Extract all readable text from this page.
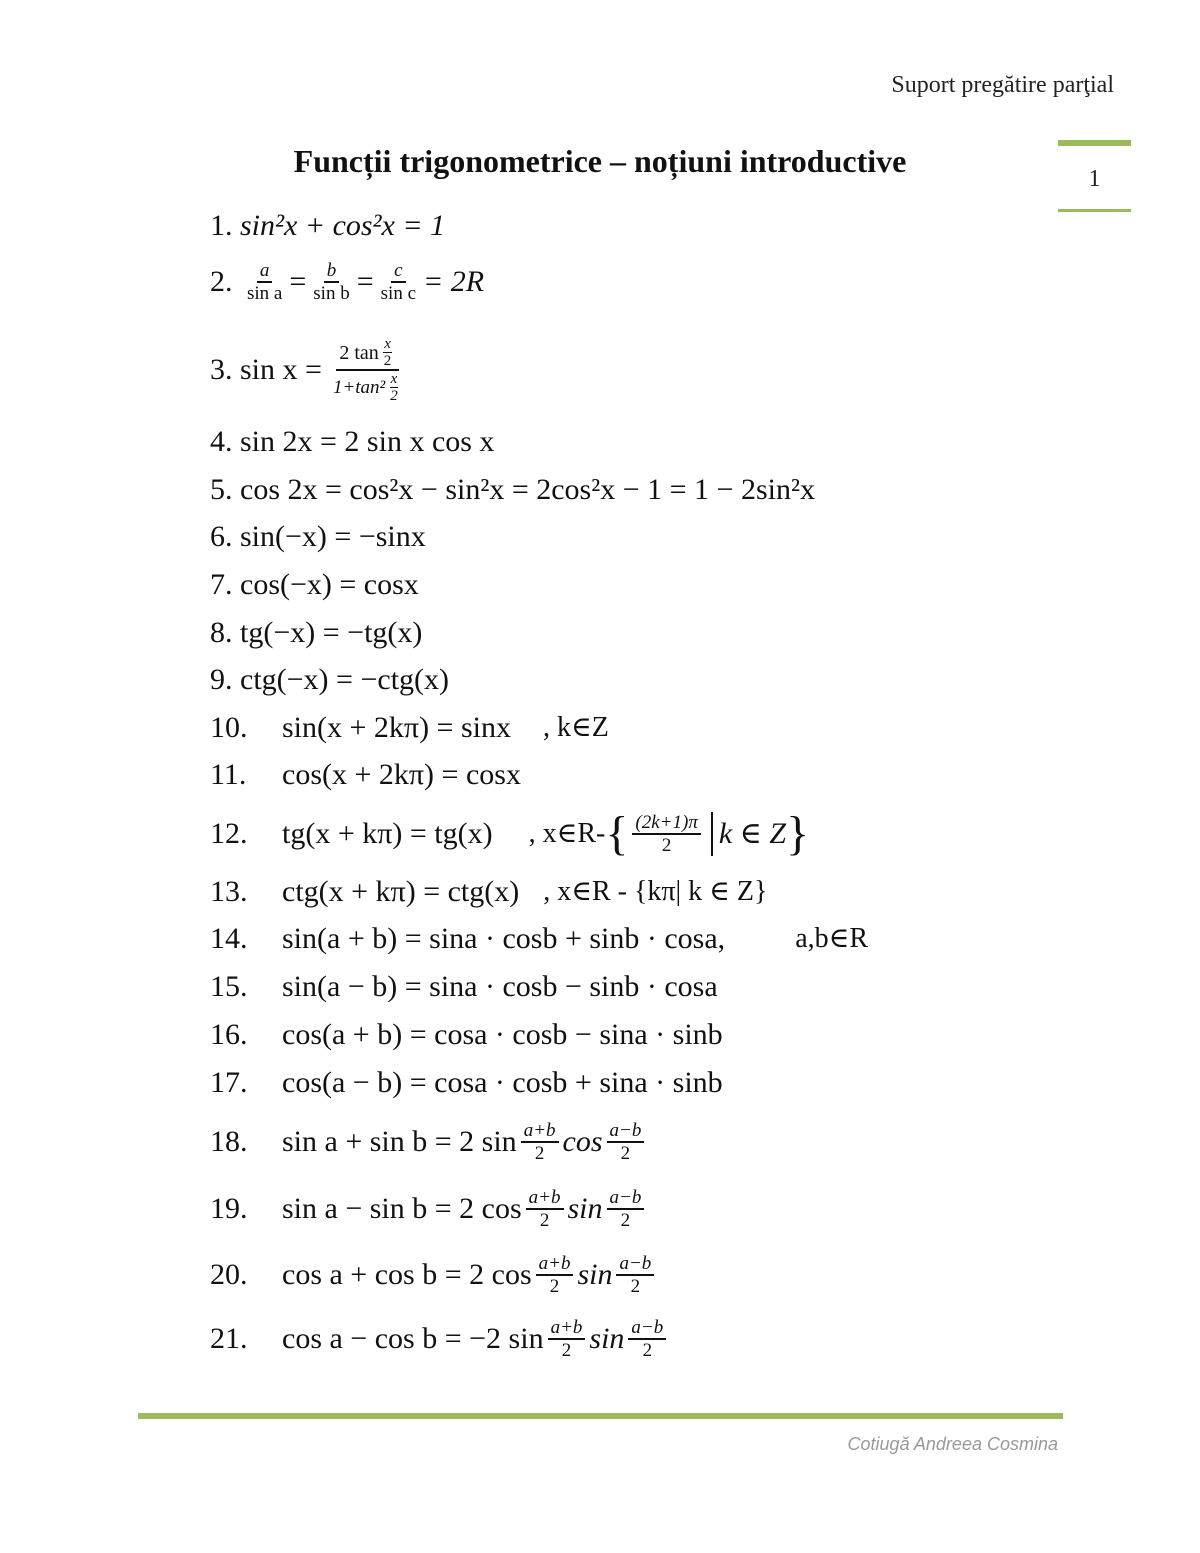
Suport pregătire parţial
1
Funcții trigonometrice – noțiuni introductive
1.
sin²x + cos²x = 1
2.
$\frac{a}{\text{sin a}} = \frac{b}{\text{sin b}} = \frac{c}{\text{sin c}} = 2R$
3.
$\sin x = \frac{2 \tan \frac{x}{2}}{1+\tan^2 \frac{x}{2}}$
4.
sin 2x = 2 sin x cos x
5.
cos 2x = cos²x − sin²x = 2cos²x − 1 = 1 − 2sin²x
6.
sin(−x) = −sinx
7.
cos(−x) = cosx
8.
tg(−x) = −tg(x)
9.
ctg(−x) = −ctg(x)
10.	sin(x + 2kπ) = sinx , k∈Z
11.	cos(x + 2kπ) = cosx
12.	tg(x + kπ) = tg(x) , x∈R- { $\frac{(2k+1)\pi}{2}$ k ∈ Z }
13.	ctg(x + kπ) = ctg(x) , x∈R - {kπ| k ∈ Z}
14.	sin(a + b) = sina · cosb + sinb · cosa,	a,b∈R
15.	sin(a − b) = sina · cosb − sinb · cosa
16.	cos(a + b) = cosa · cosb − sina · sinb
17.	cos(a − b) = cosa · cosb + sina · sinb
18.	sin a + sin b = 2 $\sin \frac{a+b}{2}$ $\cos \frac{a-b}{2}$
19.	sin a − sin b = 2 $\cos \frac{a+b}{2}$ $\sin \frac{a-b}{2}$
20.	cos a + cos b = 2 $\cos \frac{a+b}{2}$ $\sin \frac{a-b}{2}$
21.	cos a − cos b = −2 $\sin \frac{a+b}{2}$ $\sin \frac{a-b}{2}$
Cotiugă Andreea Cosmina
